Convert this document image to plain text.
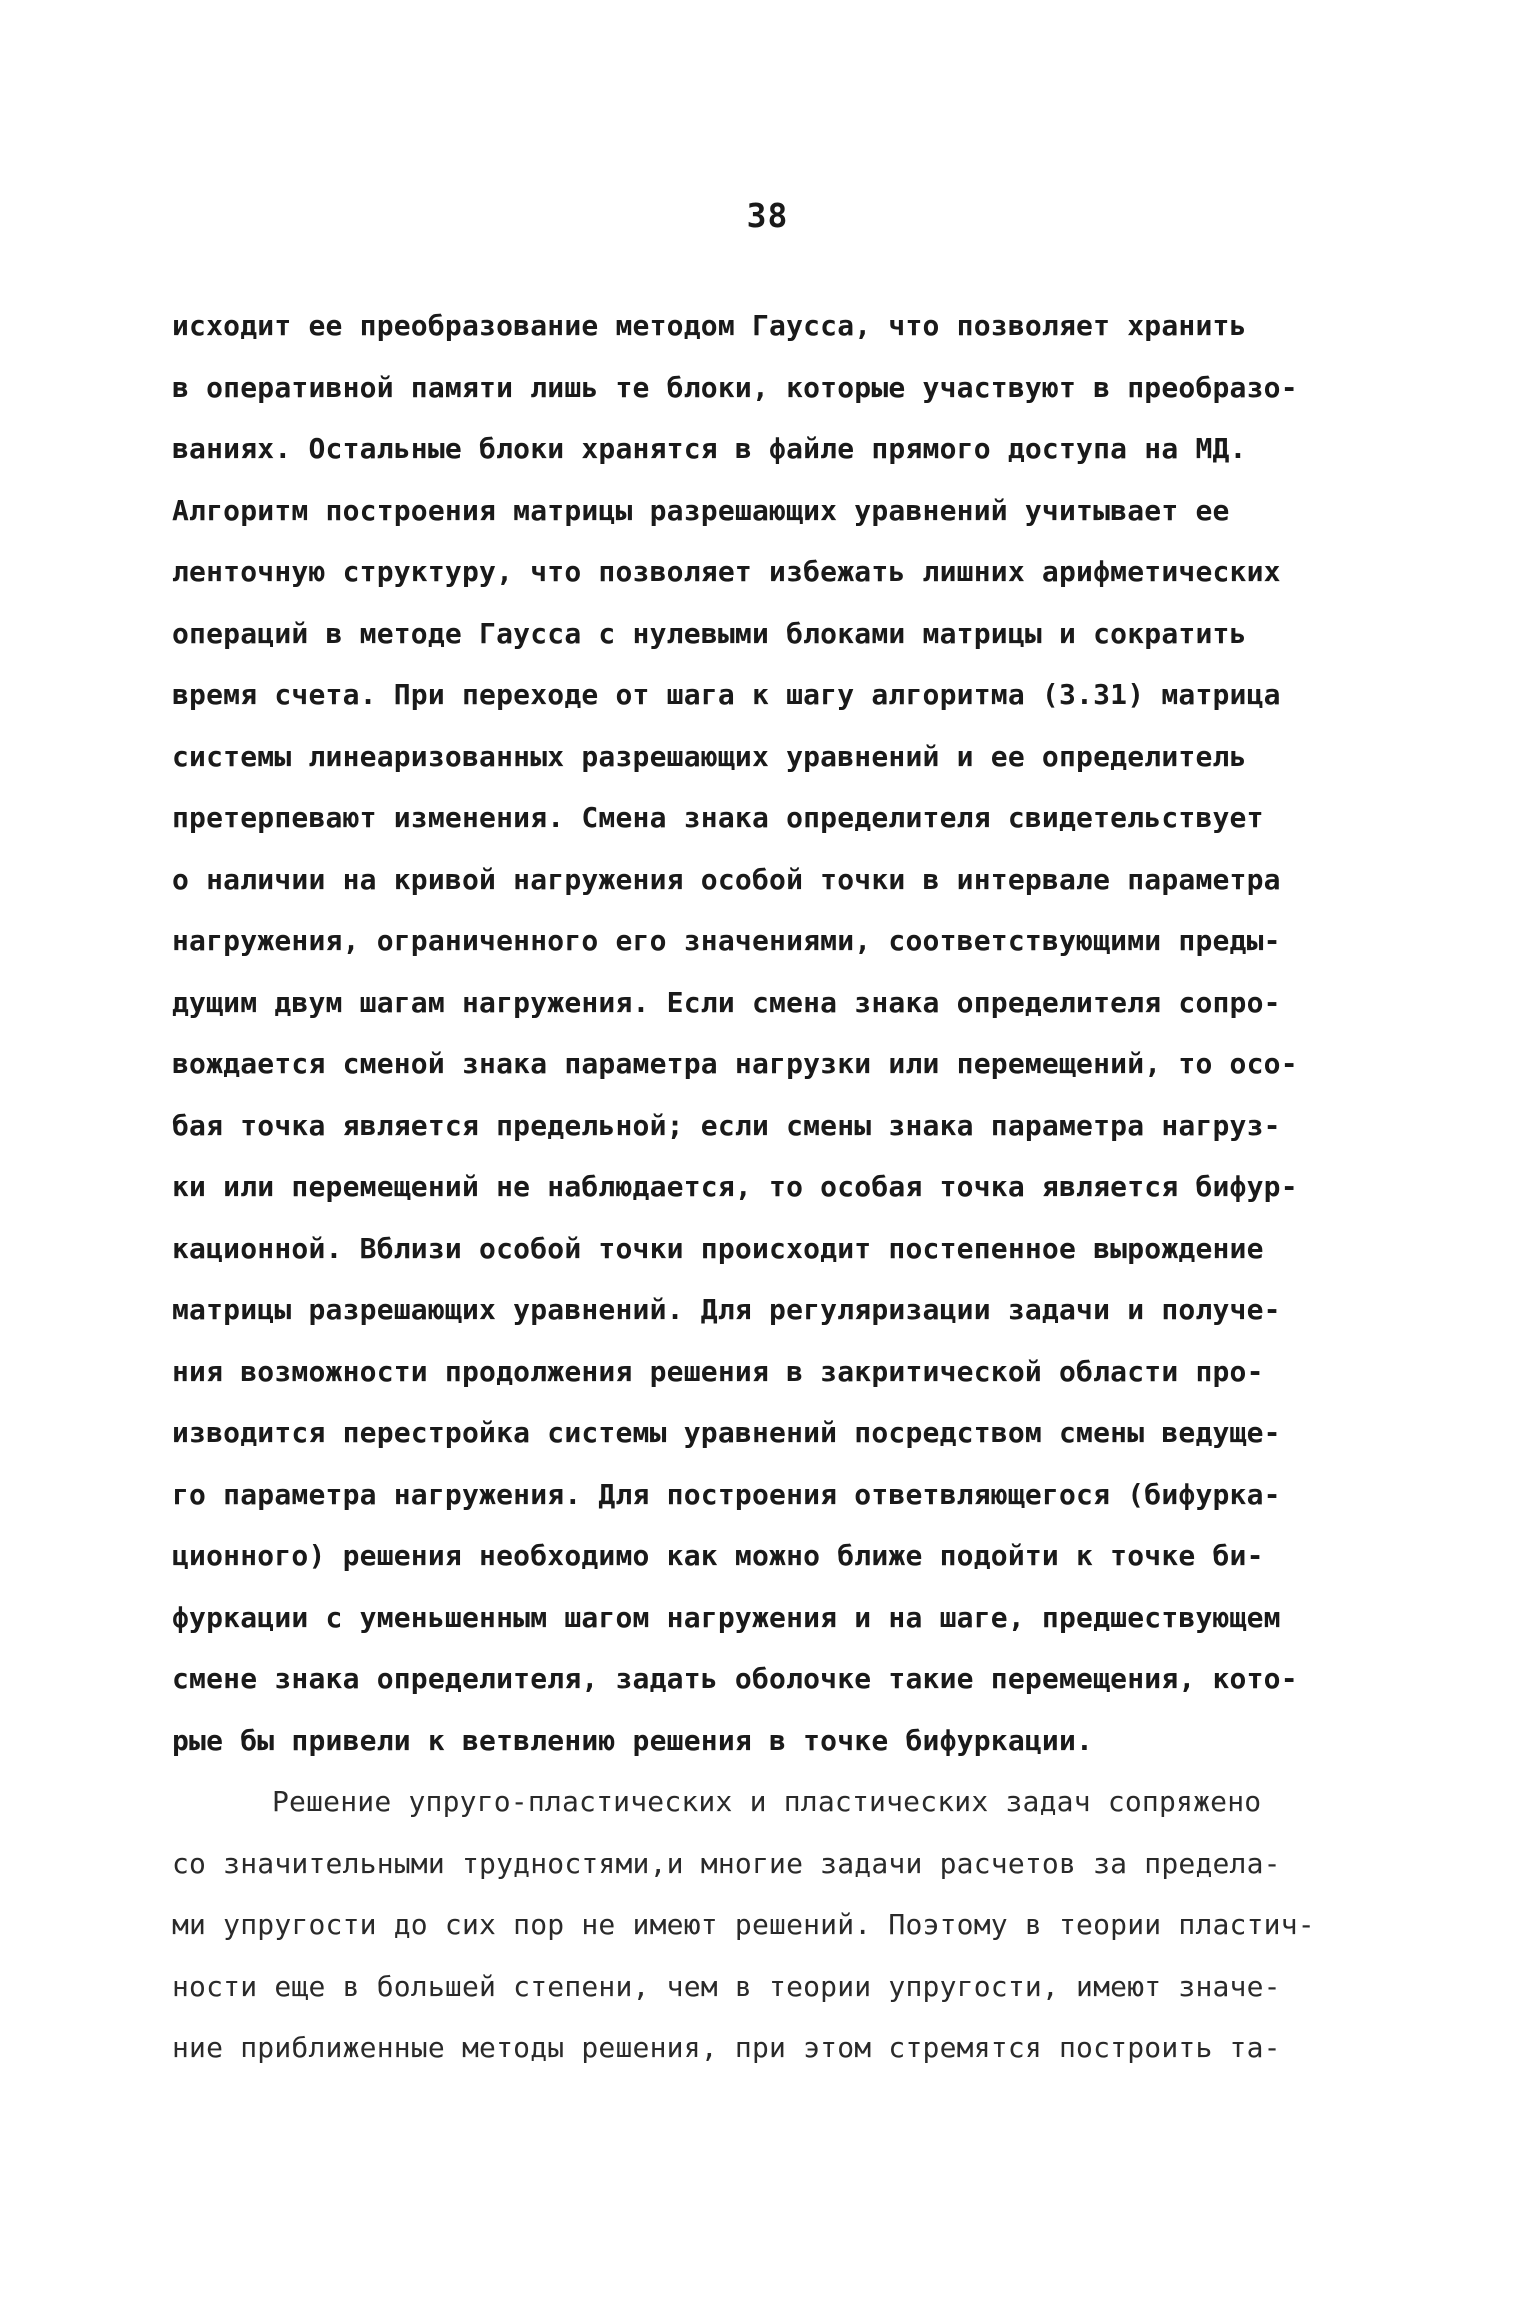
38
исходит ее преобразование методом Гаусса, что позволяет хранить
в оперативной памяти лишь те блоки, которые участвуют в преобразо-
ваниях. Остальные блоки хранятся в файле прямого доступа на МД.
Алгоритм построения матрицы разрешающих уравнений учитывает ее
ленточную структуру, что позволяет избежать лишних арифметических
операций в методе Гаусса с нулевыми блоками матрицы и сократить
время счета. При переходе от шага к шагу алгоритма (3.31) матрица
системы линеаризованных разрешающих уравнений и ее определитель
претерпевают изменения. Смена знака определителя свидетельствует
о наличии на кривой нагружения особой точки в интервале параметра
нагружения, ограниченного его значениями, соответствующими преды-
дущим двум шагам нагружения. Если смена знака определителя сопро-
вождается сменой знака параметра нагрузки или перемещений, то осо-
бая точка является предельной; если смены знака параметра нагруз-
ки или перемещений не наблюдается, то особая точка является бифур-
кационной. Вблизи особой точки происходит постепенное вырождение
матрицы разрешающих уравнений. Для регуляризации задачи и получе-
ния возможности продолжения решения в закритической области про-
изводится перестройка системы уравнений посредством смены ведуще-
го параметра нагружения. Для построения ответвляющегося (бифурка-
ционного) решения необходимо как можно ближе подойти к точке би-
фуркации с уменьшенным шагом нагружения и на шаге, предшествующем
смене знака определителя, задать оболочке такие перемещения, кото-
рые бы привели к ветвлению решения в точке бифуркации.
Решение упруго-пластических и пластических задач сопряжено
со значительными трудностями,и многие задачи расчетов за предела-
ми упругости до сих пор не имеют решений. Поэтому в теории пластич-
ности еще в большей степени, чем в теории упругости, имеют значе-
ние приближенные методы решения, при этом стремятся построить та-
